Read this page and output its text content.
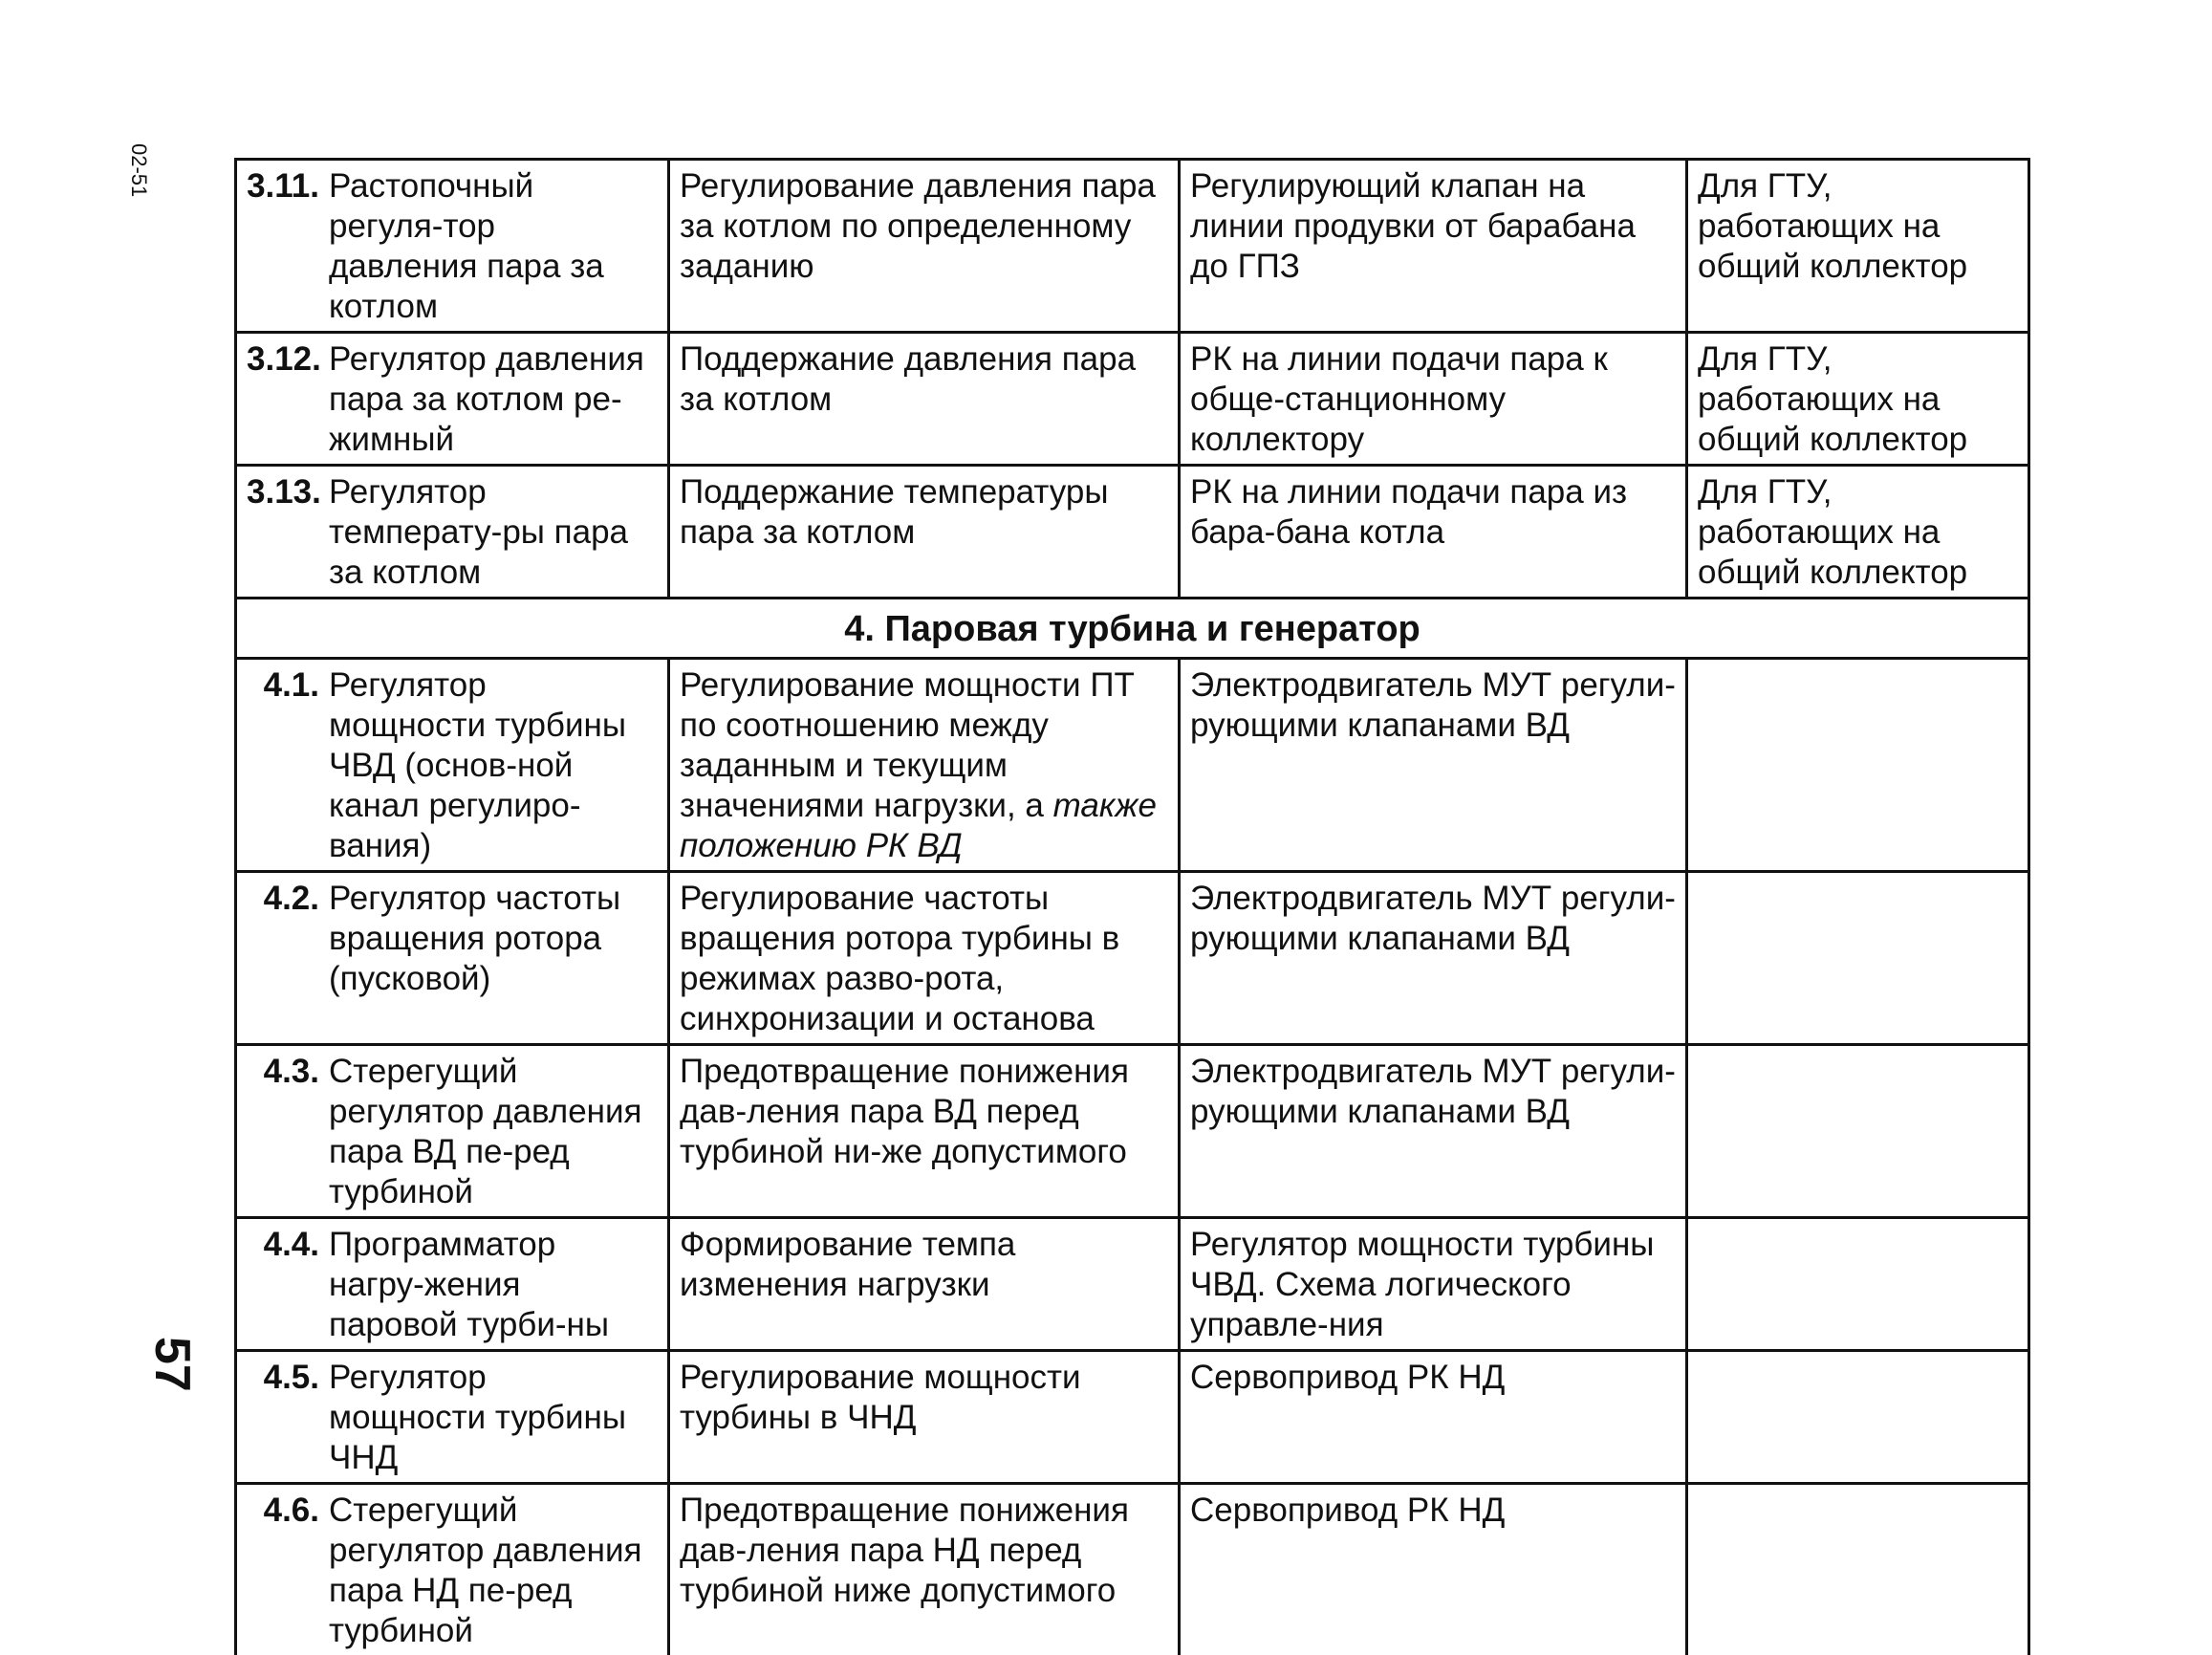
02-51
57
3.11. Растопочный регуля-тор давления пара за котлом	Регулирование давления пара за котлом по определенному заданию	Регулирующий клапан на линии продувки от барабана до ГПЗ	Для ГТУ, работающих на общий коллектор
3.12. Регулятор давления пара за котлом ре-жимный	Поддержание давления пара за котлом	РК на линии подачи пара к обще-станционному коллектору	Для ГТУ, работающих на общий коллектор
3.13. Регулятор температу-ры пара за котлом	Поддержание температуры пара за котлом	РК на линии подачи пара из бара-бана котла	Для ГТУ, работающих на общий коллектор
4. Паровая турбина и генератор			
4.1. Регулятор мощности турбины ЧВД (основ-ной канал регулиро-вания)	Регулирование мощности ПТ по соотношению между заданным и текущим значениями нагрузки, а также положению РК ВД	Электродвигатель МУТ регули-рующими клапанами ВД	
4.2. Регулятор частоты вращения ротора (пусковой)	Регулирование частоты вращения ротора турбины в режимах разво-рота, синхронизации и останова	Электродвигатель МУТ регули-рующими клапанами ВД	
4.3. Стерегущий регулятор давления пара ВД пе-ред турбиной	Предотвращение понижения дав-ления пара ВД перед турбиной ни-же допустимого	Электродвигатель МУТ регули-рующими клапанами ВД	
4.4. Программатор нагру-жения паровой турби-ны	Формирование темпа изменения нагрузки	Регулятор мощности турбины ЧВД. Схема логического управле-ния	
4.5. Регулятор мощности турбины ЧНД	Регулирование мощности турбины в ЧНД	Сервопривод РК НД	
4.6. Стерегущий регулятор давления пара НД пе-ред турбиной	Предотвращение понижения дав-ления пара НД перед турбиной ниже допустимого	Сервопривод РК НД	
